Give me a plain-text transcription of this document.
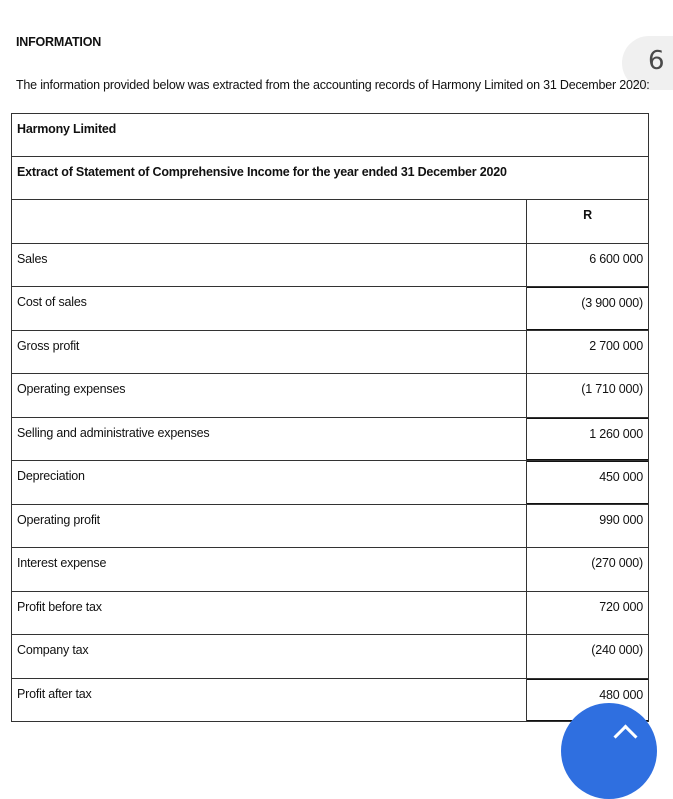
INFORMATION
6
The information provided below was extracted from the accounting records of Harmony Limited on 31 December 2020:
Harmony Limited
Extract of Statement of Comprehensive Income for the year ended 31 December 2020
R
Sales	6 600 000
Cost of sales	(3 900 000)
Gross profit	2 700 000
Operating expenses	(1 710 000)
Selling and administrative expenses	1 260 000
Depreciation	450 000
Operating profit	990 000
Interest expense	(270 000)
Profit before tax	720 000
Company tax	(240 000)
Profit after tax	480 000
